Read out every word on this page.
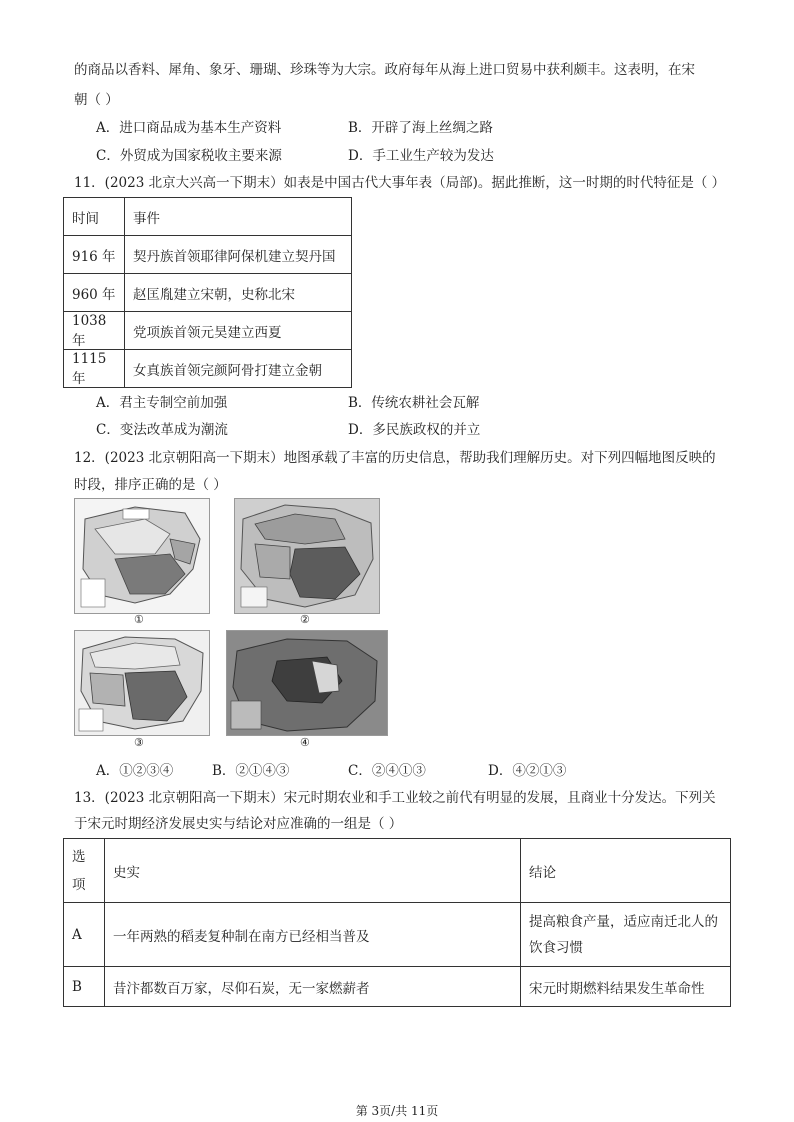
的商品以香料、犀角、象牙、珊瑚、珍珠等为大宗。政府每年从海上进口贸易中获利颇丰。这表明，在宋
朝（ ）
A．进口商品成为基本生产资料	B．开辟了海上丝绸之路
C．外贸成为国家税收主要来源	D．手工业生产较为发达
11．(2023 北京大兴高一下期末）如表是中国古代大事年表（局部)。据此推断，这一时期的时代特征是（ ）
时间	事件
916 年	契丹族首领耶律阿保机建立契丹国
960 年	赵匡胤建立宋朝，史称北宋
1038 年	党项族首领元昊建立西夏
1115 年	女真族首领完颜阿骨打建立金朝
A．君主专制空前加强	B．传统农耕社会瓦解
C．变法改革成为潮流	D．多民族政权的并立
12．(2023 北京朝阳高一下期末）地图承载了丰富的历史信息，帮助我们理解历史。对下列四幅地图反映的
时段，排序正确的是（ ）
①	②
③	④
A．①②③④	B．②①④③	C．②④①③	D．④②①③
13．(2023 北京朝阳高一下期末）宋元时期农业和手工业较之前代有明显的发展，且商业十分发达。下列关
于宋元时期经济发展史实与结论对应准确的一组是（ ）
选
项	史实	结论
A	一年两熟的稻麦复种制在南方已经相当普及	提高粮食产量，适应南迁北人的
饮食习惯

B	昔汴都数百万家，尽仰石炭，无一家燃薪者	宋元时期燃料结果发生革命性
第 3页/共 11页
